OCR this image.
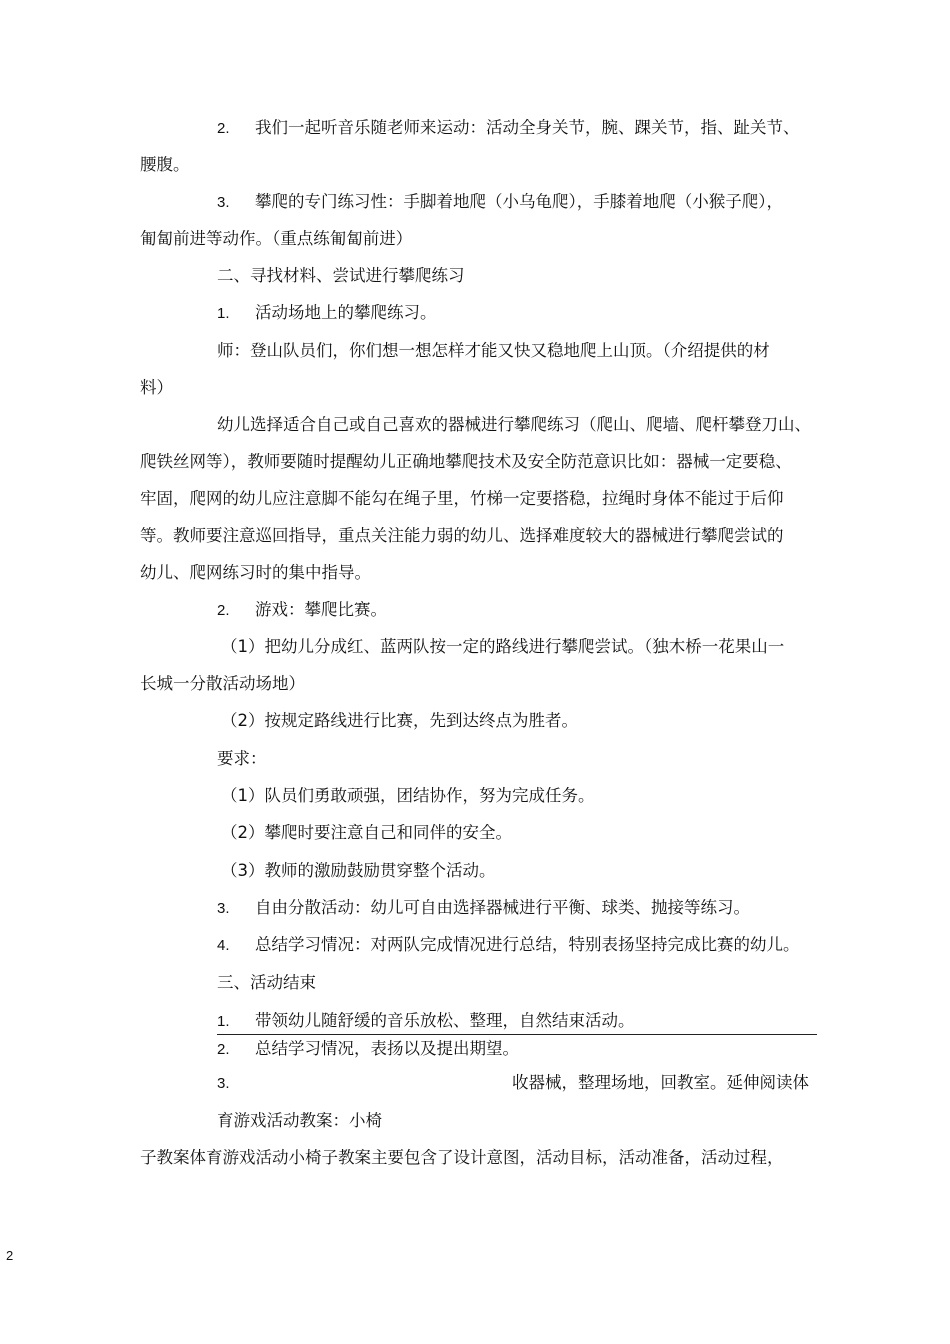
2. 我们一起听音乐随老师来运动：活动全身关节，腕、踝关节，指、趾关节、
腰腹。
3. 攀爬的专门练习性：手脚着地爬（小乌龟爬），手膝着地爬（小猴子爬），
匍匐前进等动作。（重点练匍匐前进）
二、寻找材料、尝试进行攀爬练习
1. 活动场地上的攀爬练习。
师：登山队员们，你们想一想怎样才能又快又稳地爬上山顶。（介绍提供的材
料）
幼儿选择适合自己或自己喜欢的器械进行攀爬练习（爬山、爬墙、爬杆攀登刀山、
爬铁丝网等），教师要随时提醒幼儿正确地攀爬技术及安全防范意识比如：器械一定要稳、
牢固，爬网的幼儿应注意脚不能勾在绳子里，竹梯一定要搭稳，拉绳时身体不能过于后仰
等。教师要注意巡回指导，重点关注能力弱的幼儿、选择难度较大的器械进行攀爬尝试的
幼儿、爬网练习时的集中指导。
2. 游戏：攀爬比赛。
（1）把幼儿分成红、蓝两队按一定的路线进行攀爬尝试。（独木桥一花果山一
长城一分散活动场地）
（2）按规定路线进行比赛，先到达终点为胜者。
要求：
（1）队员们勇敢顽强，团结协作，努为完成任务。
（2）攀爬时要注意自己和同伴的安全。
（3）教师的激励鼓励贯穿整个活动。
3. 自由分散活动：幼儿可自由选择器械进行平衡、球类、抛接等练习。
4. 总结学习情况：对两队完成情况进行总结，特别表扬坚持完成比赛的幼儿。
三、活动结束
1. 带领幼儿随舒缓的音乐放松、整理，自然结束活动。
2. 总结学习情况，表扬以及提出期望。
3.	收器械，整理场地，回教室。延伸阅读体
育游戏活动教案：小椅
子教案体育游戏活动小椅子教案主要包含了设计意图，活动目标，活动准备，活动过程，
2
